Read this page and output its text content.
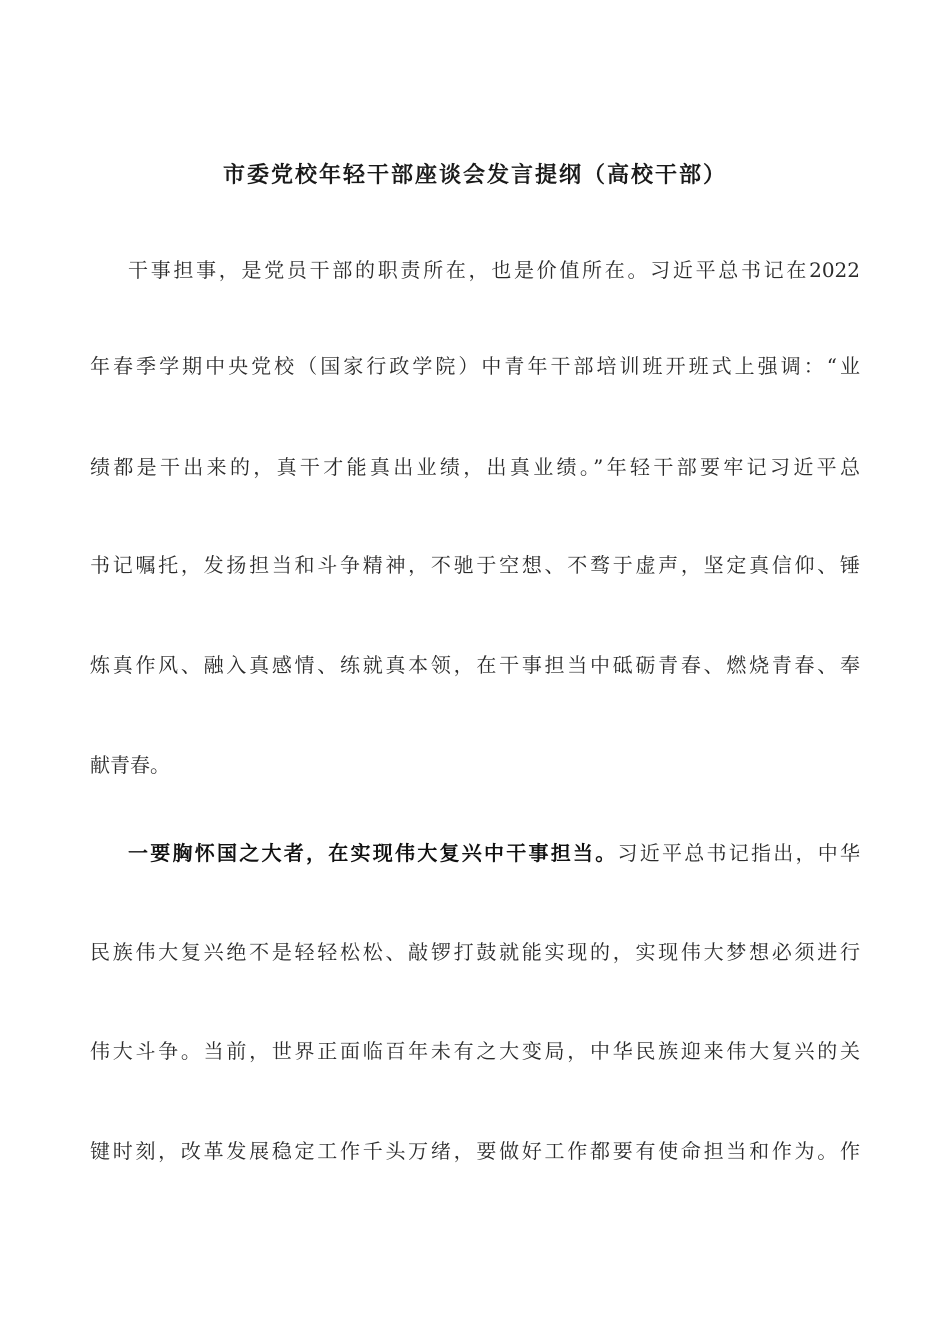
市委党校年轻干部座谈会发言提纲（高校干部）
干事担事，是党员干部的职责所在，也是价值所在。习近平总书记在2022
年春季学期中央党校（国家行政学院）中青年干部培训班开班式上强调：“业
绩都是干出来的，真干才能真出业绩，出真业绩。”年轻干部要牢记习近平总
书记嘱托，发扬担当和斗争精神，不驰于空想、不骛于虚声，坚定真信仰、锤
炼真作风、融入真感情、练就真本领，在干事担当中砥砺青春、燃烧青春、奉
献青春。
一要胸怀国之大者，在实现伟大复兴中干事担当。习近平总书记指出，中华
民族伟大复兴绝不是轻轻松松、敲锣打鼓就能实现的，实现伟大梦想必须进行
伟大斗争。当前，世界正面临百年未有之大变局，中华民族迎来伟大复兴的关
键时刻，改革发展稳定工作千头万绪，要做好工作都要有使命担当和作为。作
